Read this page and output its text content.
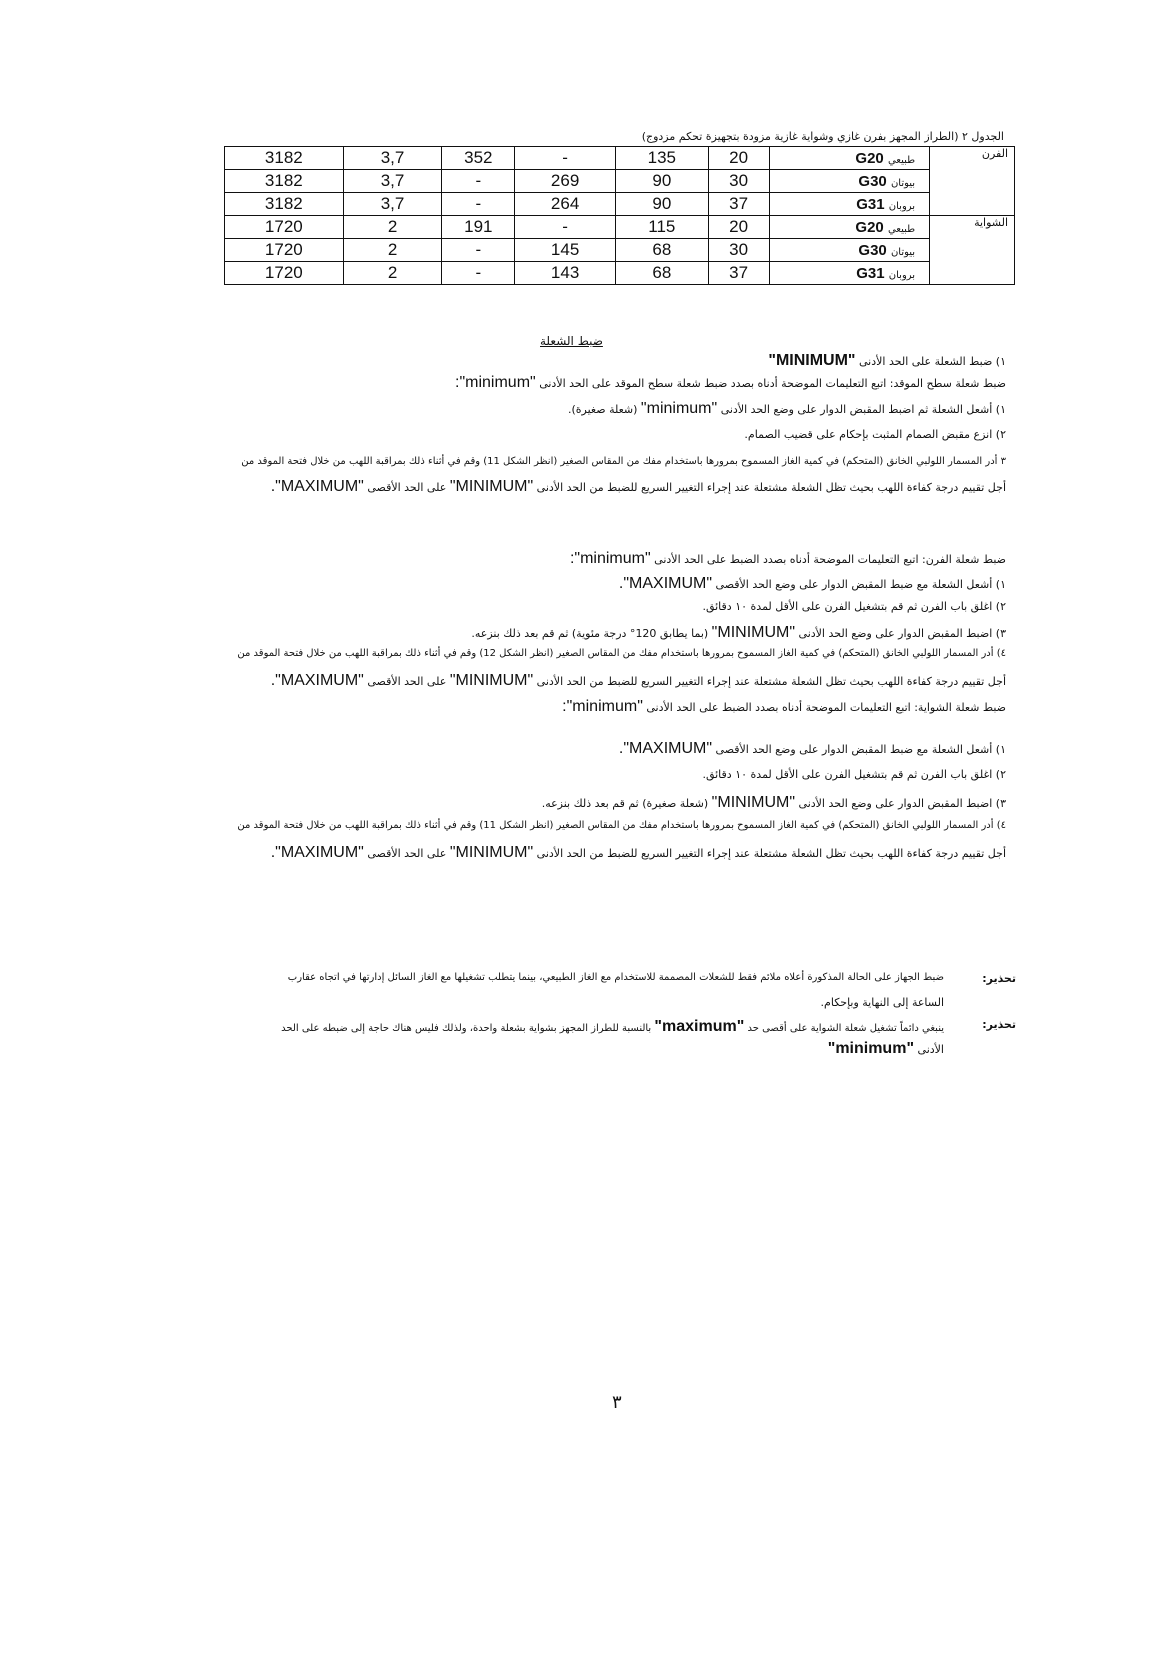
الجدول ٢ (الطراز المجهز بفرن غازي وشواية غازية مزودة بتجهيزة تحكم مزدوج)
3182	3,7	352	-	135	20	G20 طبيعي	الفرن
3182	3,7	-	269	90	30	G30 بيوتان	
3182	3,7	-	264	90	37	G31 بروبان	
1720	2	191	-	115	20	G20 طبيعي	الشواية
1720	2	-	145	68	30	G30 بيوتان	
1720	2	-	143	68	37	G31 بروبان	
ضبط الشعلة
١) ضبط الشعلة على الحد الأدنى "MINIMUM"
ضبط شعلة سطح الموقد: اتبع التعليمات الموضحة أدناه بصدد ضبط شعلة سطح الموقد على الحد الأدنى "minimum":
١) أشعل الشعلة ثم اضبط المقبض الدوار على وضع الحد الأدنى "minimum" (شعلة صغيرة).
٢) انزع مقبض الصمام المثبت بإحكام على قضيب الصمام.
٣ أدر المسمار اللولبي الخانق (المتحكم) في كمية الغاز المسموح بمرورها باستخدام مفك من المقاس الصغير (انظر الشكل 11) وقم في أثناء ذلك بمراقبة اللهب من خلال فتحة الموقد من
أجل تقييم درجة كفاءة اللهب بحيث تظل الشعلة مشتعلة عند إجراء التغيير السريع للضبط من الحد الأدنى "MINIMUM" على الحد الأقصى "MAXIMUM".
ضبط شعلة الفرن: اتبع التعليمات الموضحة أدناه بصدد الضبط على الحد الأدنى "minimum":
١) أشعل الشعلة مع ضبط المقبض الدوار على وضع الحد الأقصى "MAXIMUM".
٢) اغلق باب الفرن ثم قم بتشغيل الفرن على الأقل لمدة ١٠ دقائق.
٣) اضبط المقبض الدوار على وضع الحد الأدنى "MINIMUM" (بما يطابق 120° درجة مئوية) ثم قم بعد ذلك بنزعه.
٤) أدر المسمار اللولبي الخانق (المتحكم) في كمية الغاز المسموح بمرورها باستخدام مفك من المقاس الصغير (انظر الشكل 12) وقم في أثناء ذلك بمراقبة اللهب من خلال فتحة الموقد من
أجل تقييم درجة كفاءة اللهب بحيث تظل الشعلة مشتعلة عند إجراء التغيير السريع للضبط من الحد الأدنى "MINIMUM" على الحد الأقصى "MAXIMUM".
ضبط شعلة الشواية: اتبع التعليمات الموضحة أدناه بصدد الضبط على الحد الأدنى "minimum":
١) أشعل الشعلة مع ضبط المقبض الدوار على وضع الحد الأقصى "MAXIMUM".
٢) اغلق باب الفرن ثم قم بتشغيل الفرن على الأقل لمدة ١٠ دقائق.
٣) اضبط المقبض الدوار على وضع الحد الأدنى "MINIMUM" (شعلة صغيرة) ثم قم بعد ذلك بنزعه.
٤) أدر المسمار اللولبي الخانق (المتحكم) في كمية الغاز المسموح بمرورها باستخدام مفك من المقاس الصغير (انظر الشكل 11) وقم في أثناء ذلك بمراقبة اللهب من خلال فتحة الموقد من
أجل تقييم درجة كفاءة اللهب بحيث تظل الشعلة مشتعلة عند إجراء التغيير السريع للضبط من الحد الأدنى "MINIMUM" على الحد الأقصى "MAXIMUM".
تحذير:
ضبط الجهاز على الحالة المذكورة أعلاه ملائم فقط للشعلات المصممة للاستخدام مع الغاز الطبيعي، بينما يتطلب تشغيلها مع الغاز السائل إدارتها في اتجاه عقارب
الساعة إلى النهاية وبإحكام.
تحذير:
ينبغي دائماً تشغيل شعلة الشواية على أقصى حد "maximum" بالنسبة للطراز المجهز بشواية بشعلة واحدة، ولذلك فليس هناك حاجة إلى ضبطه على الحد
الأدنى "minimum"
٣
